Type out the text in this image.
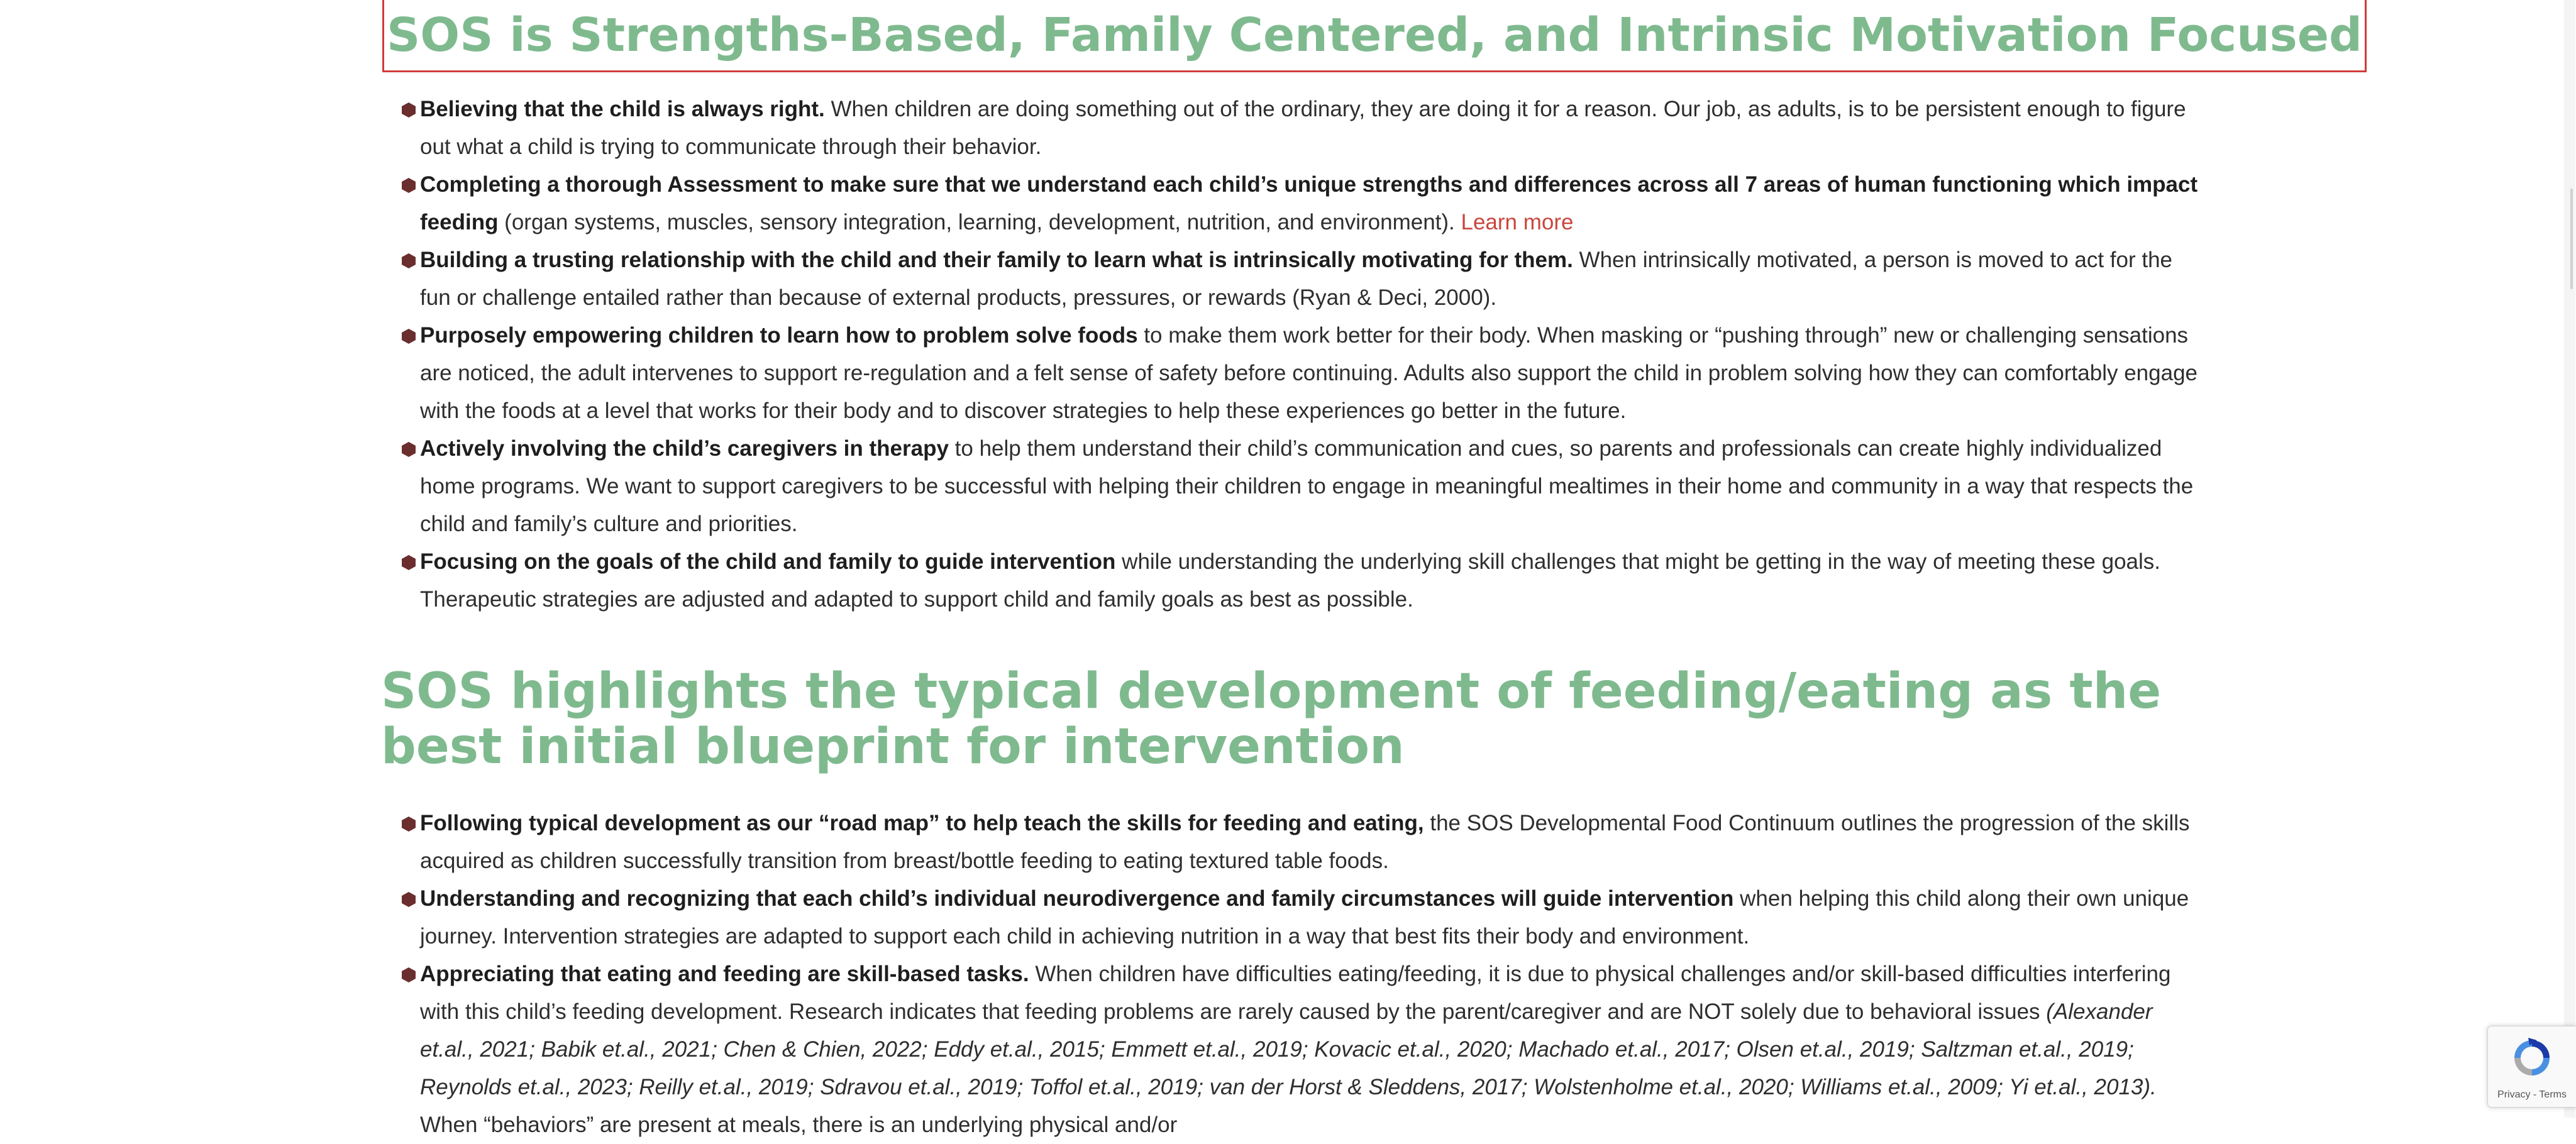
SOS is Strengths-Based, Family Centered, and Intrinsic Motivation Focused
Believing that the child is always right. When children are doing something out of the ordinary, they are doing it for a reason. Our job, as adults, is to be persistent enough to figure out what a child is trying to communicate through their behavior.
Completing a thorough Assessment to make sure that we understand each child’s unique strengths and differences across all 7 areas of human functioning which impact feeding (organ systems, muscles, sensory integration, learning, development, nutrition, and environment). Learn more
Building a trusting relationship with the child and their family to learn what is intrinsically motivating for them. When intrinsically motivated, a person is moved to act for the fun or challenge entailed rather than because of external products, pressures, or rewards (Ryan & Deci, 2000).
Purposely empowering children to learn how to problem solve foods to make them work better for their body. When masking or “pushing through” new or challenging sensations are noticed, the adult intervenes to support re-regulation and a felt sense of safety before continuing. Adults also support the child in problem solving how they can comfortably engage with the foods at a level that works for their body and to discover strategies to help these experiences go better in the future.
Actively involving the child’s caregivers in therapy to help them understand their child’s communication and cues, so parents and professionals can create highly individualized home programs. We want to support caregivers to be successful with helping their children to engage in meaningful mealtimes in their home and community in a way that respects the child and family’s culture and priorities.
Focusing on the goals of the child and family to guide intervention while understanding the underlying skill challenges that might be getting in the way of meeting these goals. Therapeutic strategies are adjusted and adapted to support child and family goals as best as possible.
SOS highlights the typical development of feeding/eating as the best initial blueprint for intervention
Following typical development as our “road map” to help teach the skills for feeding and eating, the SOS Developmental Food Continuum outlines the progression of the skills acquired as children successfully transition from breast/bottle feeding to eating textured table foods.
Understanding and recognizing that each child’s individual neurodivergence and family circumstances will guide intervention when helping this child along their own unique journey. Intervention strategies are adapted to support each child in achieving nutrition in a way that best fits their body and environment.
Appreciating that eating and feeding are skill-based tasks. When children have difficulties eating/feeding, it is due to physical challenges and/or skill-based difficulties interfering with this child’s feeding development. Research indicates that feeding problems are rarely caused by the parent/caregiver and are NOT solely due to behavioral issues (Alexander et.al., 2021; Babik et.al., 2021; Chen & Chien, 2022; Eddy et.al., 2015; Emmett et.al., 2019; Kovacic et.al., 2020; Machado et.al., 2017; Olsen et.al., 2019; Saltzman et.al., 2019; Reynolds et.al., 2023; Reilly et.al., 2019; Sdravou et.al., 2019; Toffol et.al., 2019; van der Horst & Sleddens, 2017; Wolstenholme et.al., 2020; Williams et.al., 2009; Yi et.al., 2013). When “behaviors” are present at meals, there is an underlying physical and/or
Privacy - Terms
